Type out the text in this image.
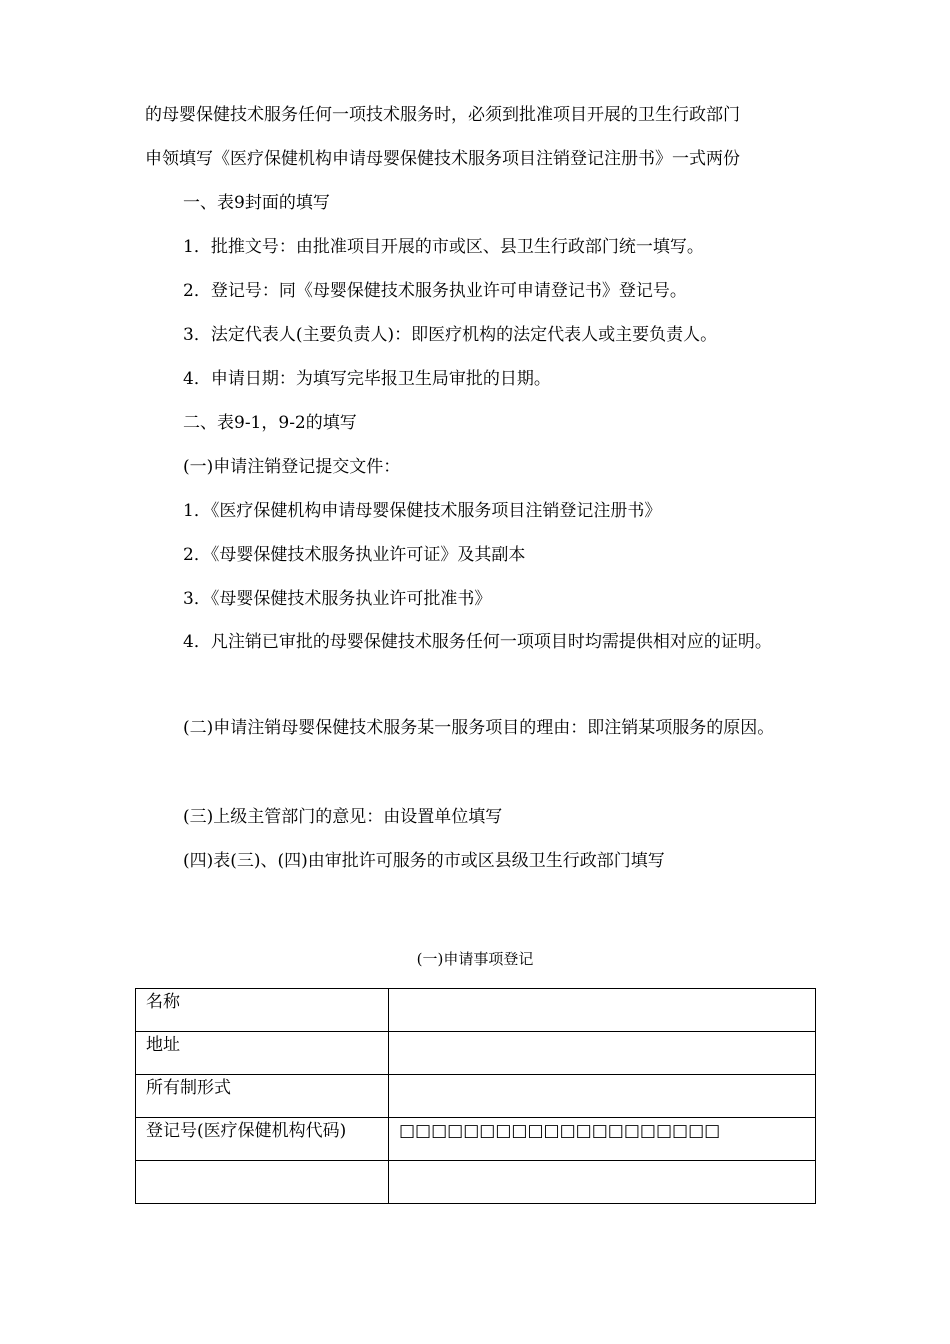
的母婴保健技术服务任何一项技术服务时，必须到批准项目开展的卫生行政部门
申领填写《医疗保健机构申请母婴保健技术服务项目注销登记注册书》一式两份
一、表9封面的填写
1．批推文号：由批准项目开展的市或区、县卫生行政部门统一填写。
2．登记号：同《母婴保健技术服务执业许可申请登记书》登记号。
3．法定代表人(主要负责人)：即医疗机构的法定代表人或主要负责人。
4．申请日期：为填写完毕报卫生局审批的日期。
二、表9-1，9-2的填写
(一)申请注销登记提交文件：
1．《医疗保健机构申请母婴保健技术服务项目注销登记注册书》
2．《母婴保健技术服务执业许可证》及其副本
3．《母婴保健技术服务执业许可批准书》
4．凡注销已审批的母婴保健技术服务任何一项项目时均需提供相对应的证明。
(二)申请注销母婴保健技术服务某一服务项目的理由：即注销某项服务的原因。
(三)上级主管部门的意见：由设置单位填写
(四)表(三)、(四)由审批许可服务的市或区县级卫生行政部门填写
(一)申请事项登记
名称	

地址	

所有制形式	

登记号(医疗保健机构代码)	□□□□□□□□□□□□□□□□□□□□
